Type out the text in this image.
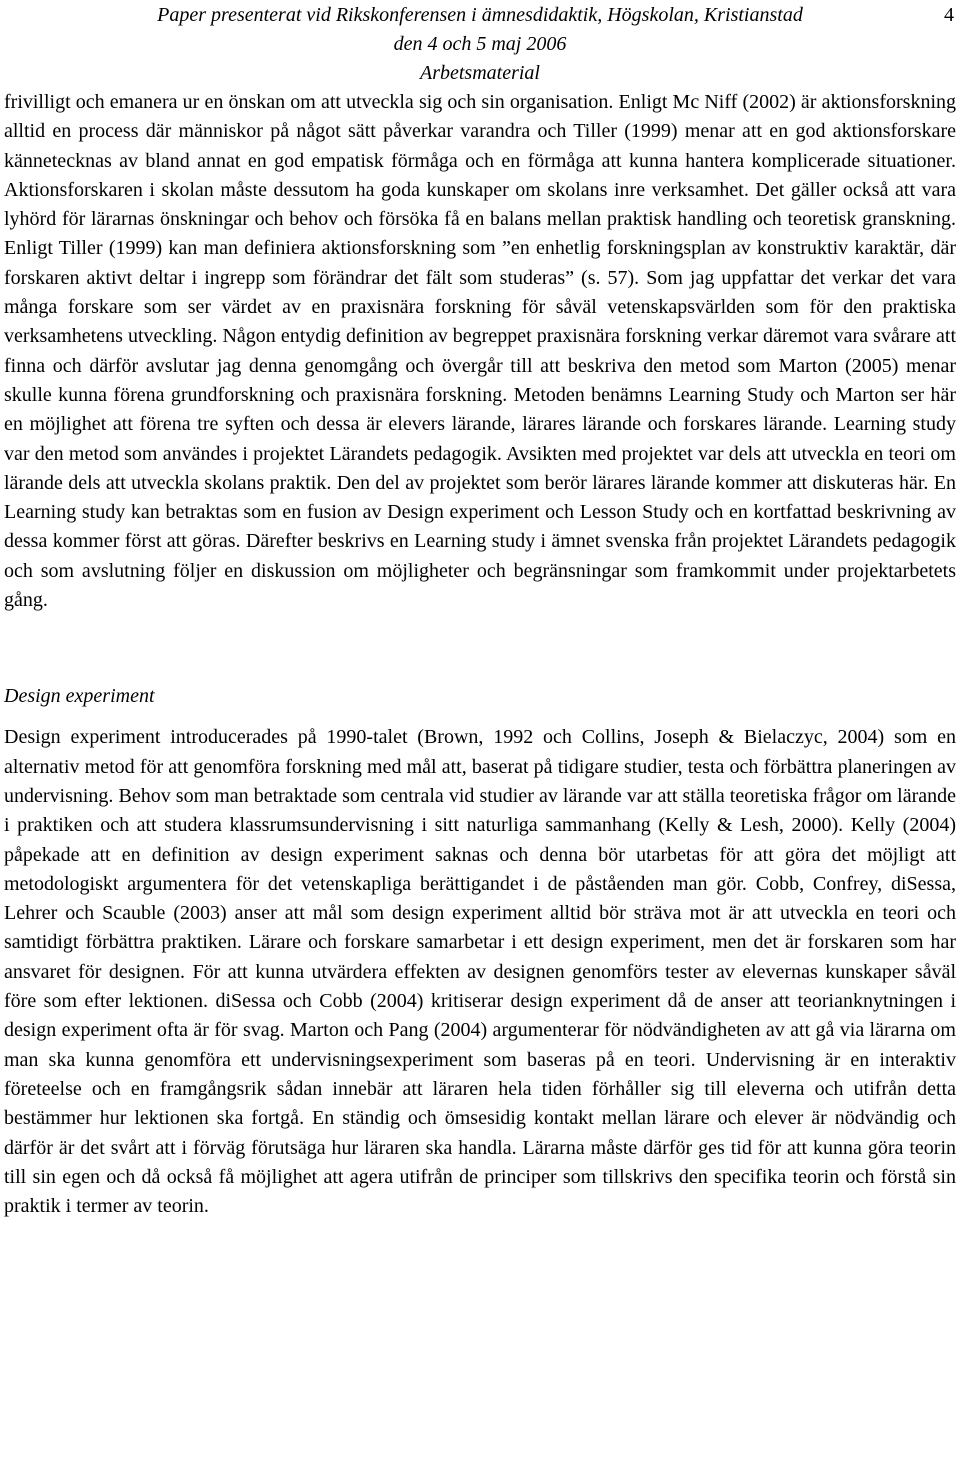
Paper presenterat vid Rikskonferensen i ämnesdidaktik, Högskolan, Kristianstad
den 4 och 5 maj 2006
Arbetsmaterial
4

frivilligt och emanera ur en önskan om att utveckla sig och sin organisation. Enligt Mc Niff (2002) är aktionsforskning alltid en process där människor på något sätt påverkar varandra och Tiller (1999) menar att en god aktionsforskare kännetecknas av bland annat en god empatisk förmåga och en förmåga att kunna hantera komplicerade situationer. Aktionsforskaren i skolan måste dessutom ha goda kunskaper om skolans inre verksamhet. Det gäller också att vara lyhörd för lärarnas önskningar och behov och försöka få en balans mellan praktisk handling och teoretisk granskning. Enligt Tiller (1999) kan man definiera aktionsforskning som ”en enhetlig forskningsplan av konstruktiv karaktär, där forskaren aktivt deltar i ingrepp som förändrar det fält som studeras” (s. 57). Som jag uppfattar det verkar det vara många forskare som ser värdet av en praxisnära forskning för såväl vetenskapsvärlden som för den praktiska verksamhetens utveckling. Någon entydig definition av begreppet praxisnära forskning verkar däremot vara svårare att finna och därför avslutar jag denna genomgång och övergår till att beskriva den metod som Marton (2005) menar skulle kunna förena grundforskning och praxisnära forskning. Metoden benämns Learning Study och Marton ser här en möjlighet att förena tre syften och dessa är elevers lärande, lärares lärande och forskares lärande. Learning study var den metod som användes i projektet Lärandets pedagogik. Avsikten med projektet var dels att utveckla en teori om lärande dels att utveckla skolans praktik. Den del av projektet som berör lärares lärande kommer att diskuteras här. En Learning study kan betraktas som en fusion av Design experiment och Lesson Study och en kortfattad beskrivning av dessa kommer först att göras. Därefter beskrivs en Learning study i ämnet svenska från projektet Lärandets pedagogik och som avslutning följer en diskussion om möjligheter och begränsningar som framkommit under projektarbetets gång.

Design experiment

Design experiment introducerades på 1990-talet (Brown, 1992 och Collins, Joseph & Bielaczyc, 2004) som en alternativ metod för att genomföra forskning med mål att, baserat på tidigare studier, testa och förbättra planeringen av undervisning. Behov som man betraktade som centrala vid studier av lärande var att ställa teoretiska frågor om lärande i praktiken och att studera klassrumsundervisning i sitt naturliga sammanhang (Kelly & Lesh, 2000). Kelly (2004) påpekade att en definition av design experiment saknas och denna bör utarbetas för att göra det möjligt att metodologiskt argumentera för det vetenskapliga berättigandet i de påståenden man gör. Cobb, Confrey, diSessa, Lehrer och Scauble (2003) anser att mål som design experiment alltid bör sträva mot är att utveckla en teori och samtidigt förbättra praktiken. Lärare och forskare samarbetar i ett design experiment, men det är forskaren som har ansvaret för designen. För att kunna utvärdera effekten av designen genomförs tester av elevernas kunskaper såväl före som efter lektionen. diSessa och Cobb (2004) kritiserar design experiment då de anser att teorianknytningen i design experiment ofta är för svag. Marton och Pang (2004) argumenterar för nödvändigheten av att gå via lärarna om man ska kunna genomföra ett undervisningsexperiment som baseras på en teori. Undervisning är en interaktiv företeelse och en framgångsrik sådan innebär att läraren hela tiden förhåller sig till eleverna och utifrån detta bestämmer hur lektionen ska fortgå. En ständig och ömsesidig kontakt mellan lärare och elever är nödvändig och därför är det svårt att i förväg förutsäga hur läraren ska handla. Lärarna måste därför ges tid för att kunna göra teorin till sin egen och då också få möjlighet att agera utifrån de principer som tillskrivs den specifika teorin och förstå sin praktik i termer av teorin.
